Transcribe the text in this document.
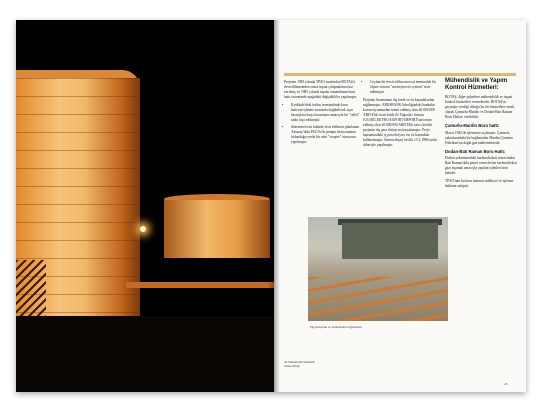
Projenin 1983 yılında TPAO tarafından BOTAŞ'a devredilmesinden sonra inşaat çalışmalarına hız verilmiş ve 1985 yılında inşaatı tamamlanan boru hattı sisteminde aşağıdaki değişiklikler yapılmıştır.

• Kırıkkale'deki teslim terminalinde boru hattı'nın işletme sırasında doğabilecek aşırı basınçlara karşı korunması amacıyla bir "relief" tankı inşa edilmiştir.
• Sistemin tevsii halinde tesis edilmesi planlanan Aksaray'daki PS2 No'lu pompa istasyonunun bulunduğu yerde bir adet "scraper" istasyonu yapılmıştır.
• Ceyhan'da tevsii edilen mevcut terminalde bir ölçme sistemi "meter/prover system" tesis edilmiştir.

Projenin finansmanı dış kredi ve öz kaynaklardan sağlanmıştır. ARESBANK liderliğindeki bankalar konsersiyumundan temin edilmiş olan 40.000.000 ABD $'lık ticari kredi ile Yugoslav firması JUGOELEKTRO EXPORT-IMPORT'tan temin edilmiş olan 20.000.000 ABD $'lık satıcı kredisi projenin dış para ihtiyacını karşılamıştır. Proje kapsamındaki iç para ihtiyacı ise öz kaynaklar kullanılmıştır. Sistem deşarj kesilir 15.2.1986 tarihi itibariyle yapılmıştır.

Mühendislik ve Yapım Kontrol Hizmetleri:

BOTAŞ, diğer şirketlere mühendislik ve inşaat kontrol hizmetleri vermektedir. BOTAŞ'ın geçmişte verdiği olduğu bu tür hizmetlere örnek olarak Çamurlu-Mardin ve Dodan-Batı Raman Boru Hatları verilebilir.

Çamurlu-Mardin Boru hattı:

Mayıs 1982'de işletmeye açılmıştır. Çamurlu yakınlarındaki bir bağlantıdan Mardin Çimento Fabrikası'na doğal gaz nakletmektedir.

Dodan-Batı Raman Boru Hattı:

Dodan yakınlarındaki karbondioksit rezervinden Batı Raman'daki petrol rezervlerine karbondioksit gazı taşımak amacıyla yapılan işletilen boru hattıdır.

TPAO'nun bu boru hattının mülkiyet ve işletme hakkına sahiptir.

Pig istasyonu ve pompalama bağlantıları
43
42 Yumurtalık terminali
Tank çiftliği
